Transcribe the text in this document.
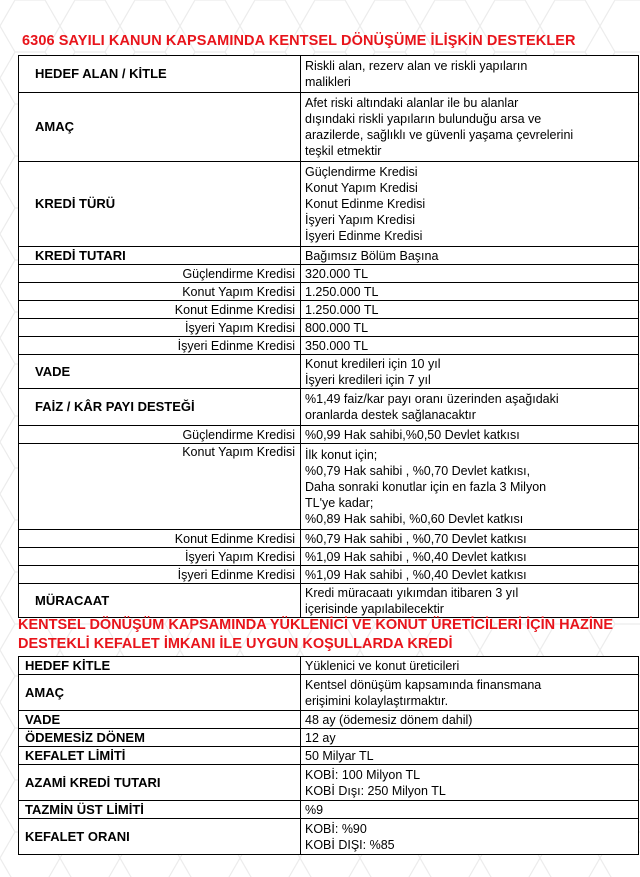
6306 SAYILI KANUN KAPSAMINDA KENTSEL DÖNÜŞÜME İLİŞKİN DESTEKLER
HEDEF ALAN / KİTLE	Riskli alan, rezerv alan ve riskli yapıların
malikleri

AMAÇ	Afet riski altındaki alanlar ile bu alanlar
dışındaki riskli yapıların bulunduğu arsa ve
arazilerde, sağlıklı ve güvenli yaşama çevrelerini
teşkil etmektir

KREDİ TÜRÜ	Güçlendirme Kredisi
Konut Yapım Kredisi
Konut Edinme Kredisi
İşyeri Yapım Kredisi
İşyeri Edinme Kredisi

KREDİ TUTARI	Bağımsız Bölüm Başına
Güçlendirme Kredisi	320.000 TL
Konut Yapım Kredisi	1.250.000 TL
Konut Edinme Kredisi	1.250.000 TL
İşyeri Yapım Kredisi	800.000 TL
İşyeri Edinme Kredisi	350.000 TL
VADE	Konut kredileri için 10 yıl
İşyeri kredileri için 7 yıl

FAİZ / KÂR PAYI DESTEĞİ	%1,49 faiz/kar payı oranı üzerinden aşağıdaki
oranlarda destek sağlanacaktır

Güçlendirme Kredisi	%0,99 Hak sahibi,%0,50 Devlet katkısı
Konut Yapım Kredisi	İlk konut için;
%0,79 Hak sahibi , %0,70 Devlet katkısı,
Daha sonraki konutlar için en fazla 3 Milyon
TL'ye kadar;
%0,89 Hak sahibi, %0,60 Devlet katkısı

Konut Edinme Kredisi	%0,79 Hak sahibi , %0,70 Devlet katkısı
İşyeri Yapım Kredisi	%1,09 Hak sahibi , %0,40 Devlet katkısı
İşyeri Edinme Kredisi	%1,09 Hak sahibi , %0,40 Devlet katkısı
MÜRACAAT	Kredi müracaatı yıkımdan itibaren 3 yıl
içerisinde yapılabilecektir
KENTSEL DÖNÜŞÜM KAPSAMINDA YÜKLENİCİ VE KONUT ÜRETİCİLERİ İÇİN HAZİNE
DESTEKLİ KEFALET İMKANI İLE UYGUN KOŞULLARDA KREDİ
HEDEF KİTLE	Yüklenici ve konut üreticileri
AMAÇ	Kentsel dönüşüm kapsamında finansmana
erişimini kolaylaştırmaktır.

VADE	48 ay (ödemesiz dönem dahil)
ÖDEMESİZ DÖNEM	12 ay
KEFALET LİMİTİ	50 Milyar TL
AZAMİ KREDİ TUTARI	KOBİ: 100 Milyon TL
KOBİ Dışı: 250 Milyon TL

TAZMİN ÜST LİMİTİ	%9
KEFALET ORANI	KOBİ: %90
KOBİ DIŞI: %85
